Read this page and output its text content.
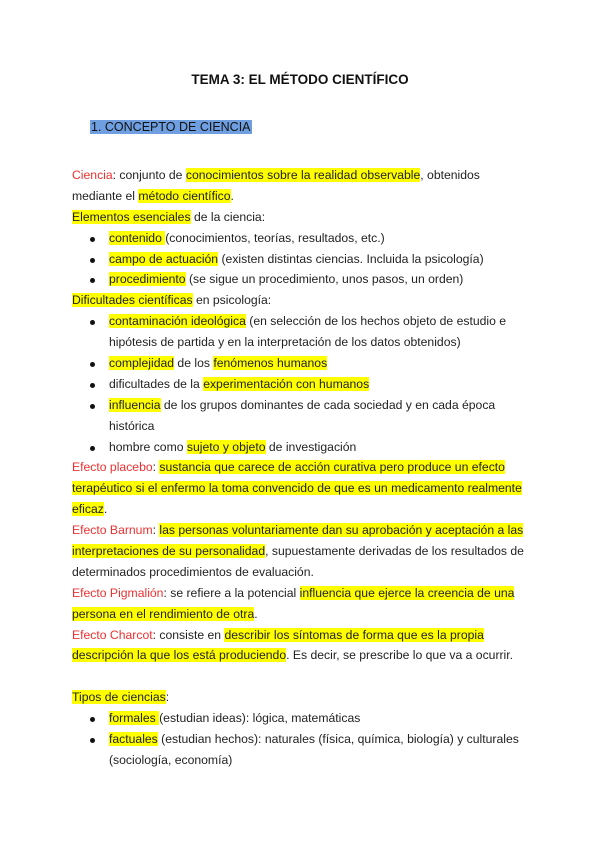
TEMA 3: EL MÉTODO CIENTÍFICO
1. CONCEPTO DE CIENCIA
Ciencia: conjunto de conocimientos sobre la realidad observable, obtenidos
mediante el método científico.
Elementos esenciales de la ciencia:
contenido (conocimientos, teorías, resultados, etc.)
campo de actuación (existen distintas ciencias. Incluida la psicología)
procedimiento (se sigue un procedimiento, unos pasos, un orden)
Dificultades científicas en psicología:
contaminación ideológica (en selección de los hechos objeto de estudio e
hipótesis de partida y en la interpretación de los datos obtenidos)
complejidad de los fenómenos humanos
dificultades de la experimentación con humanos
influencia de los grupos dominantes de cada sociedad y en cada época
histórica
hombre como sujeto y objeto de investigación
Efecto placebo: sustancia que carece de acción curativa pero produce un efecto
terapéutico si el enfermo la toma convencido de que es un medicamento realmente
eficaz.
Efecto Barnum: las personas voluntariamente dan su aprobación y aceptación a las
interpretaciones de su personalidad, supuestamente derivadas de los resultados de
determinados procedimientos de evaluación.
Efecto Pigmalión: se refiere a la potencial influencia que ejerce la creencia de una
persona en el rendimiento de otra.
Efecto Charcot: consiste en describir los síntomas de forma que es la propia
descripción la que los está produciendo. Es decir, se prescribe lo que va a ocurrir.
Tipos de ciencias:
formales (estudian ideas): lógica, matemáticas
factuales (estudian hechos): naturales (física, química, biología) y culturales
(sociología, economía)
